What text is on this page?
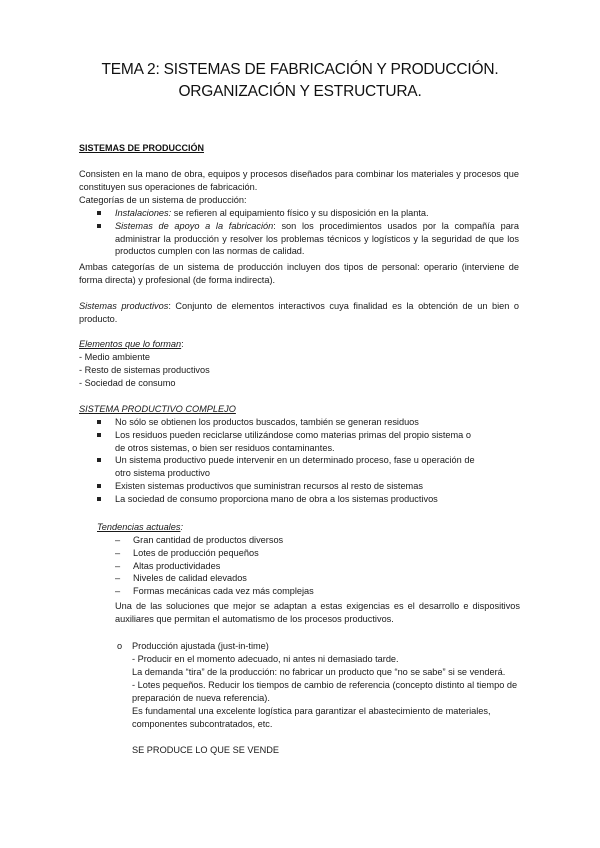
TEMA 2: SISTEMAS DE FABRICACIÓN Y PRODUCCIÓN.
ORGANIZACIÓN Y ESTRUCTURA.
SISTEMAS DE PRODUCCIÓN
Consisten en la mano de obra, equipos y procesos diseñados para combinar los materiales y procesos que constituyen sus operaciones de fabricación.
Categorías de un sistema de producción:
Instalaciones: se refieren al equipamiento físico y su disposición en la planta.
Sistemas de apoyo a la fabricación: son los procedimientos usados por la compañía para administrar la producción y resolver los problemas técnicos y logísticos y la seguridad de que los productos cumplen con las normas de calidad.
Ambas categorías de un sistema de producción incluyen dos tipos de personal: operario (interviene de forma directa) y profesional (de forma indirecta).
Sistemas productivos: Conjunto de elementos interactivos cuya finalidad es la obtención de un bien o producto.
Elementos que lo forman:
- Medio ambiente
- Resto de sistemas productivos
- Sociedad de consumo
SISTEMA PRODUCTIVO COMPLEJO
No sólo se obtienen los productos buscados, también se generan residuos
Los residuos pueden reciclarse utilizándose como materias primas del propio sistema o de otros sistemas, o bien ser residuos contaminantes.
Un sistema productivo puede intervenir en un determinado proceso, fase u operación de otro sistema productivo
Existen sistemas productivos que suministran recursos al resto de sistemas
La sociedad de consumo proporciona mano de obra a los sistemas productivos
Tendencias actuales:
– Gran cantidad de productos diversos
– Lotes de producción pequeños
– Altas productividades
– Niveles de calidad elevados
– Formas mecánicas cada vez más complejas
Una de las soluciones que mejor se adaptan a estas exigencias es el desarrollo e dispositivos auxiliares que permitan el automatismo de los procesos productivos.
o Producción ajustada (just-in-time)
- Producir en el momento adecuado, ni antes ni demasiado tarde.
La demanda “tira” de la producción: no fabricar un producto que “no se sabe” si se venderá.
- Lotes pequeños. Reducir los tiempos de cambio de referencia (concepto distinto al tiempo de preparación de nueva referencia).
Es fundamental una excelente logística para garantizar el abastecimiento de materiales, componentes subcontratados, etc.
SE PRODUCE LO QUE SE VENDE
